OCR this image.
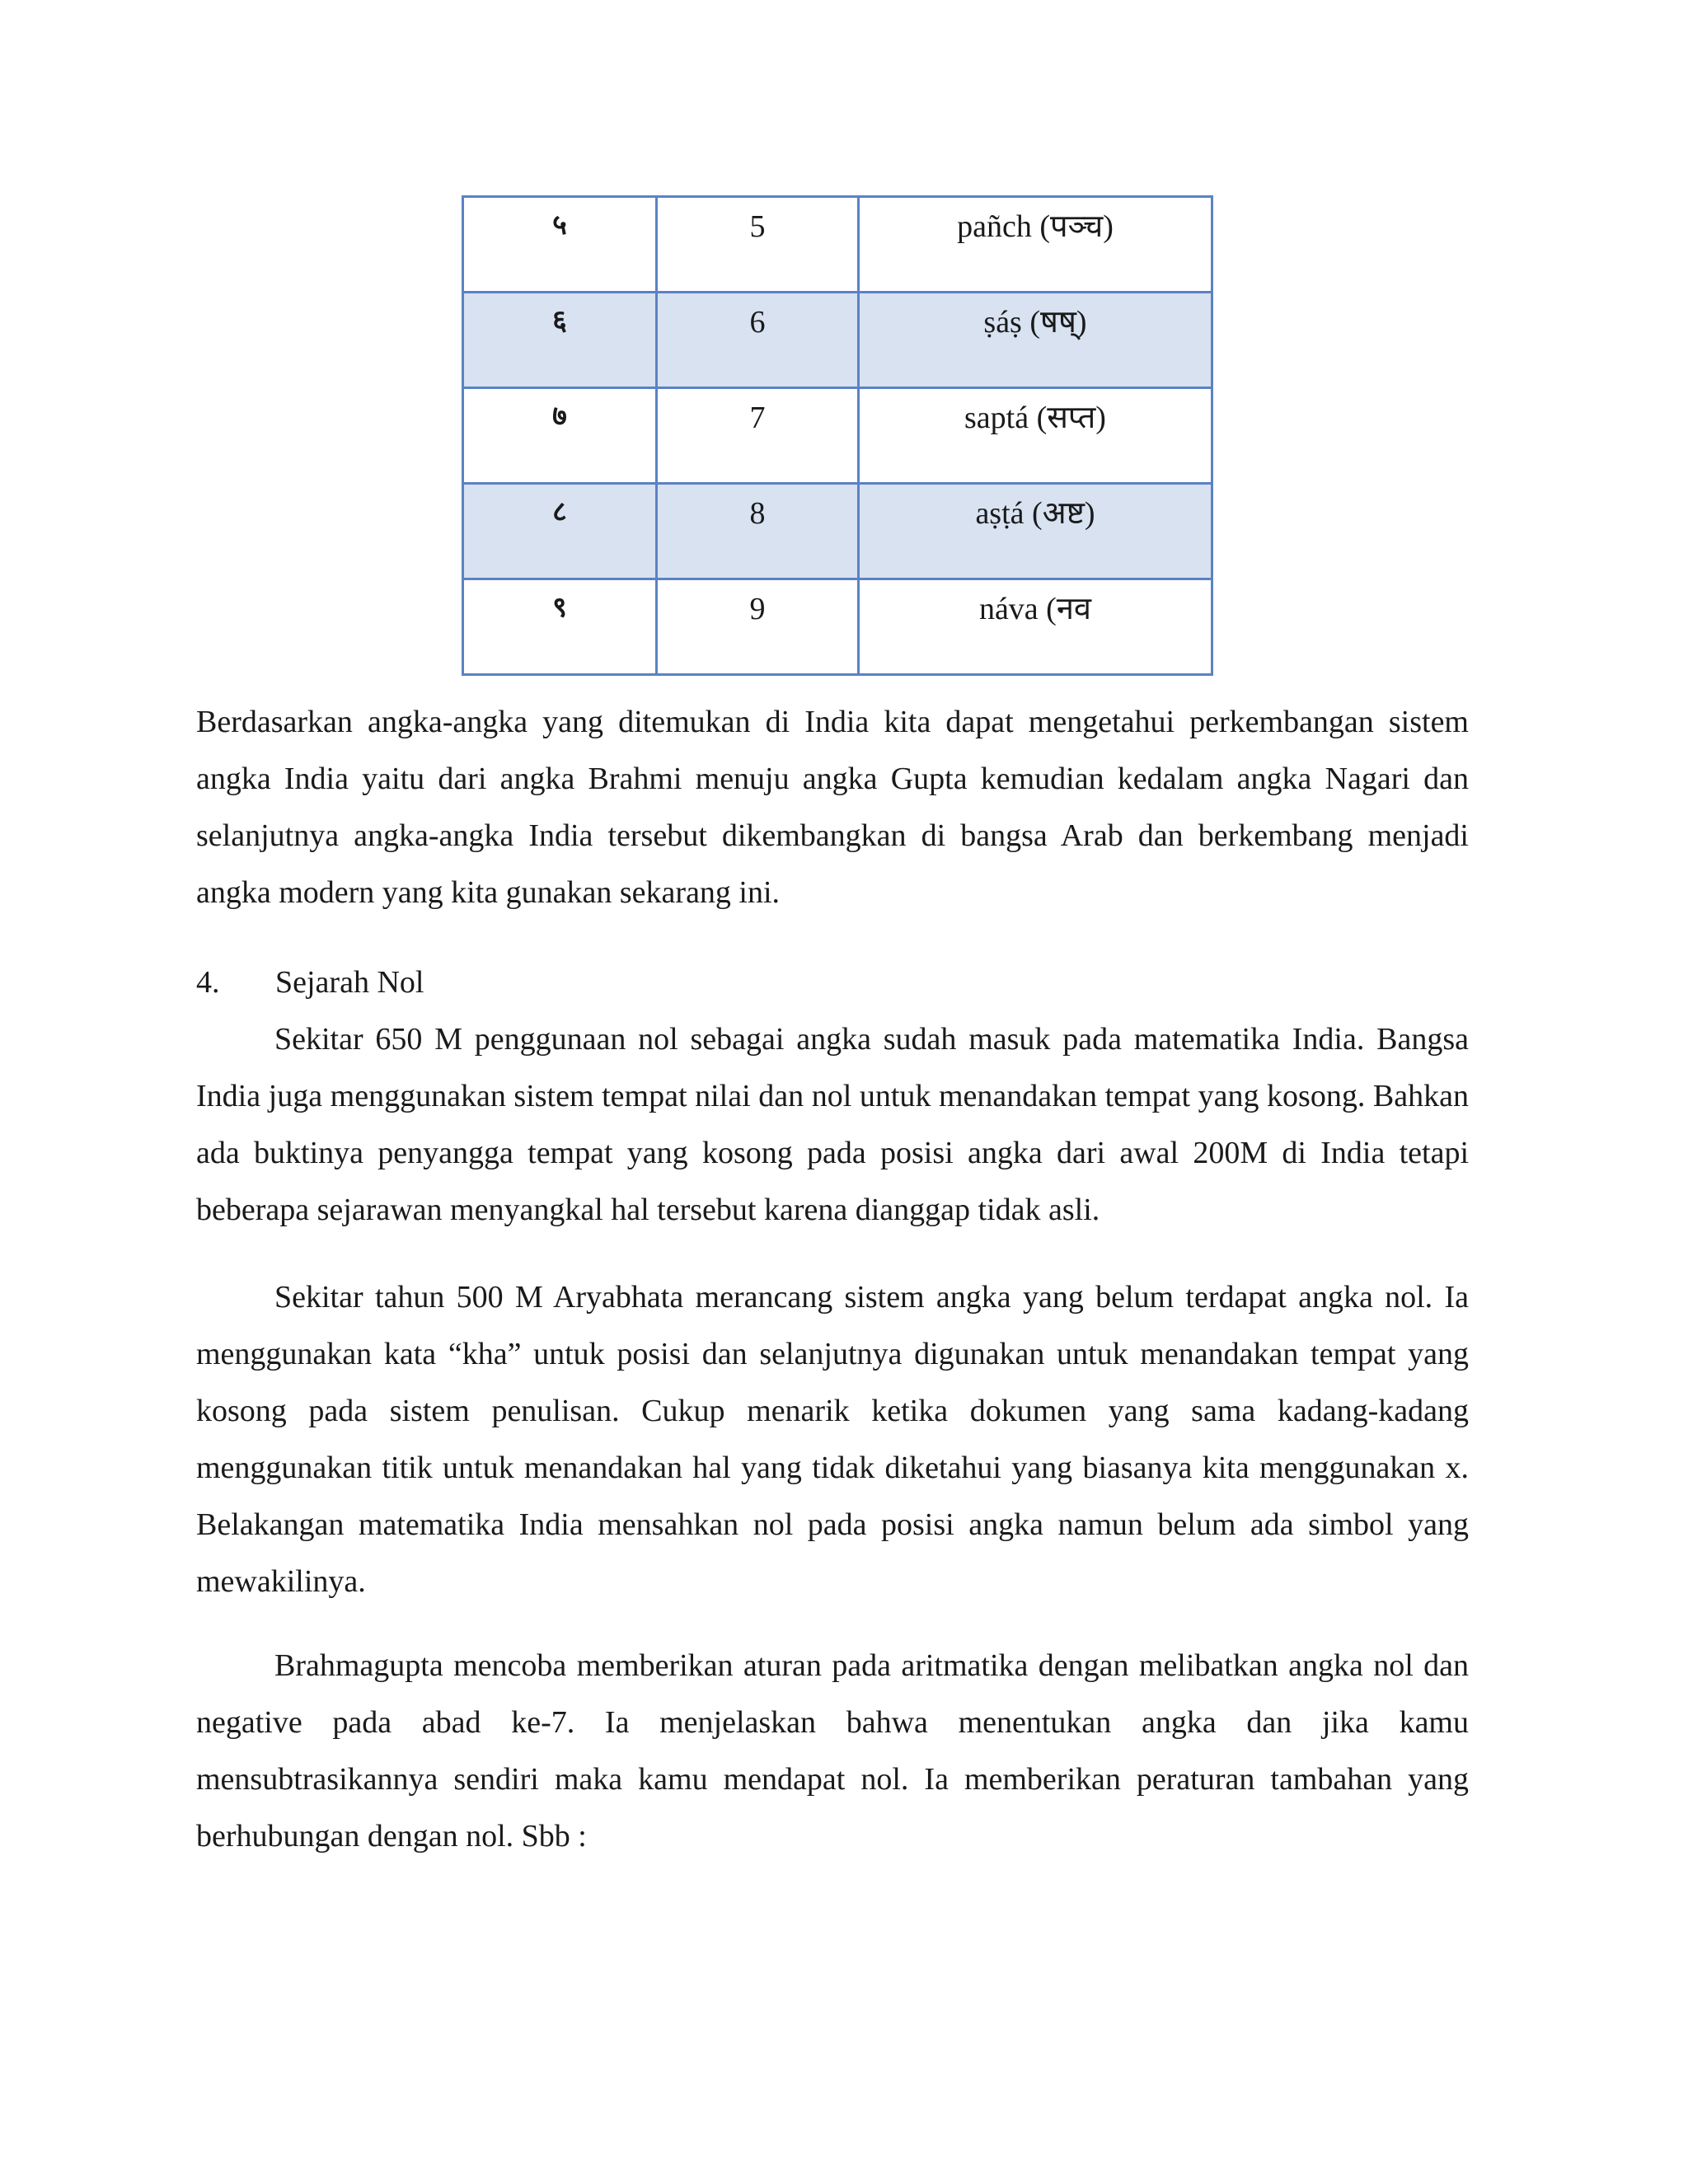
५	5	pañch (पञ्च)
६	6	ṣáṣ (षष्)
७	7	saptá (सप्त)
८	8	aṣṭá (अष्ट)
९	9	náva (नव

Berdasarkan angka-angka yang ditemukan di India kita dapat mengetahui perkembangan sistem angka India yaitu dari angka Brahmi menuju angka Gupta kemudian kedalam angka Nagari dan selanjutnya angka-angka India tersebut dikembangkan di bangsa Arab dan berkembang menjadi angka modern yang kita gunakan sekarang ini.

4. Sejarah Nol

Sekitar 650 M penggunaan nol sebagai angka sudah masuk pada matematika India. Bangsa India juga menggunakan sistem tempat nilai dan nol untuk menandakan tempat yang kosong. Bahkan ada buktinya penyangga tempat yang kosong pada posisi angka dari awal 200M di India tetapi beberapa sejarawan menyangkal hal tersebut karena dianggap tidak asli.

Sekitar tahun 500 M Aryabhata merancang sistem angka yang belum terdapat angka nol. Ia menggunakan kata “kha” untuk posisi dan selanjutnya digunakan untuk menandakan tempat yang kosong pada sistem penulisan. Cukup menarik ketika dokumen yang sama kadang-kadang menggunakan titik untuk menandakan hal yang tidak diketahui yang biasanya kita menggunakan x. Belakangan matematika India mensahkan nol pada posisi angka namun belum ada simbol yang mewakilinya.

Brahmagupta mencoba memberikan aturan pada aritmatika dengan melibatkan angka nol dan negative pada abad ke-7. Ia menjelaskan bahwa menentukan angka dan jika kamu mensubtrasikannya sendiri maka kamu mendapat nol. Ia memberikan peraturan tambahan yang berhubungan dengan nol. Sbb :
